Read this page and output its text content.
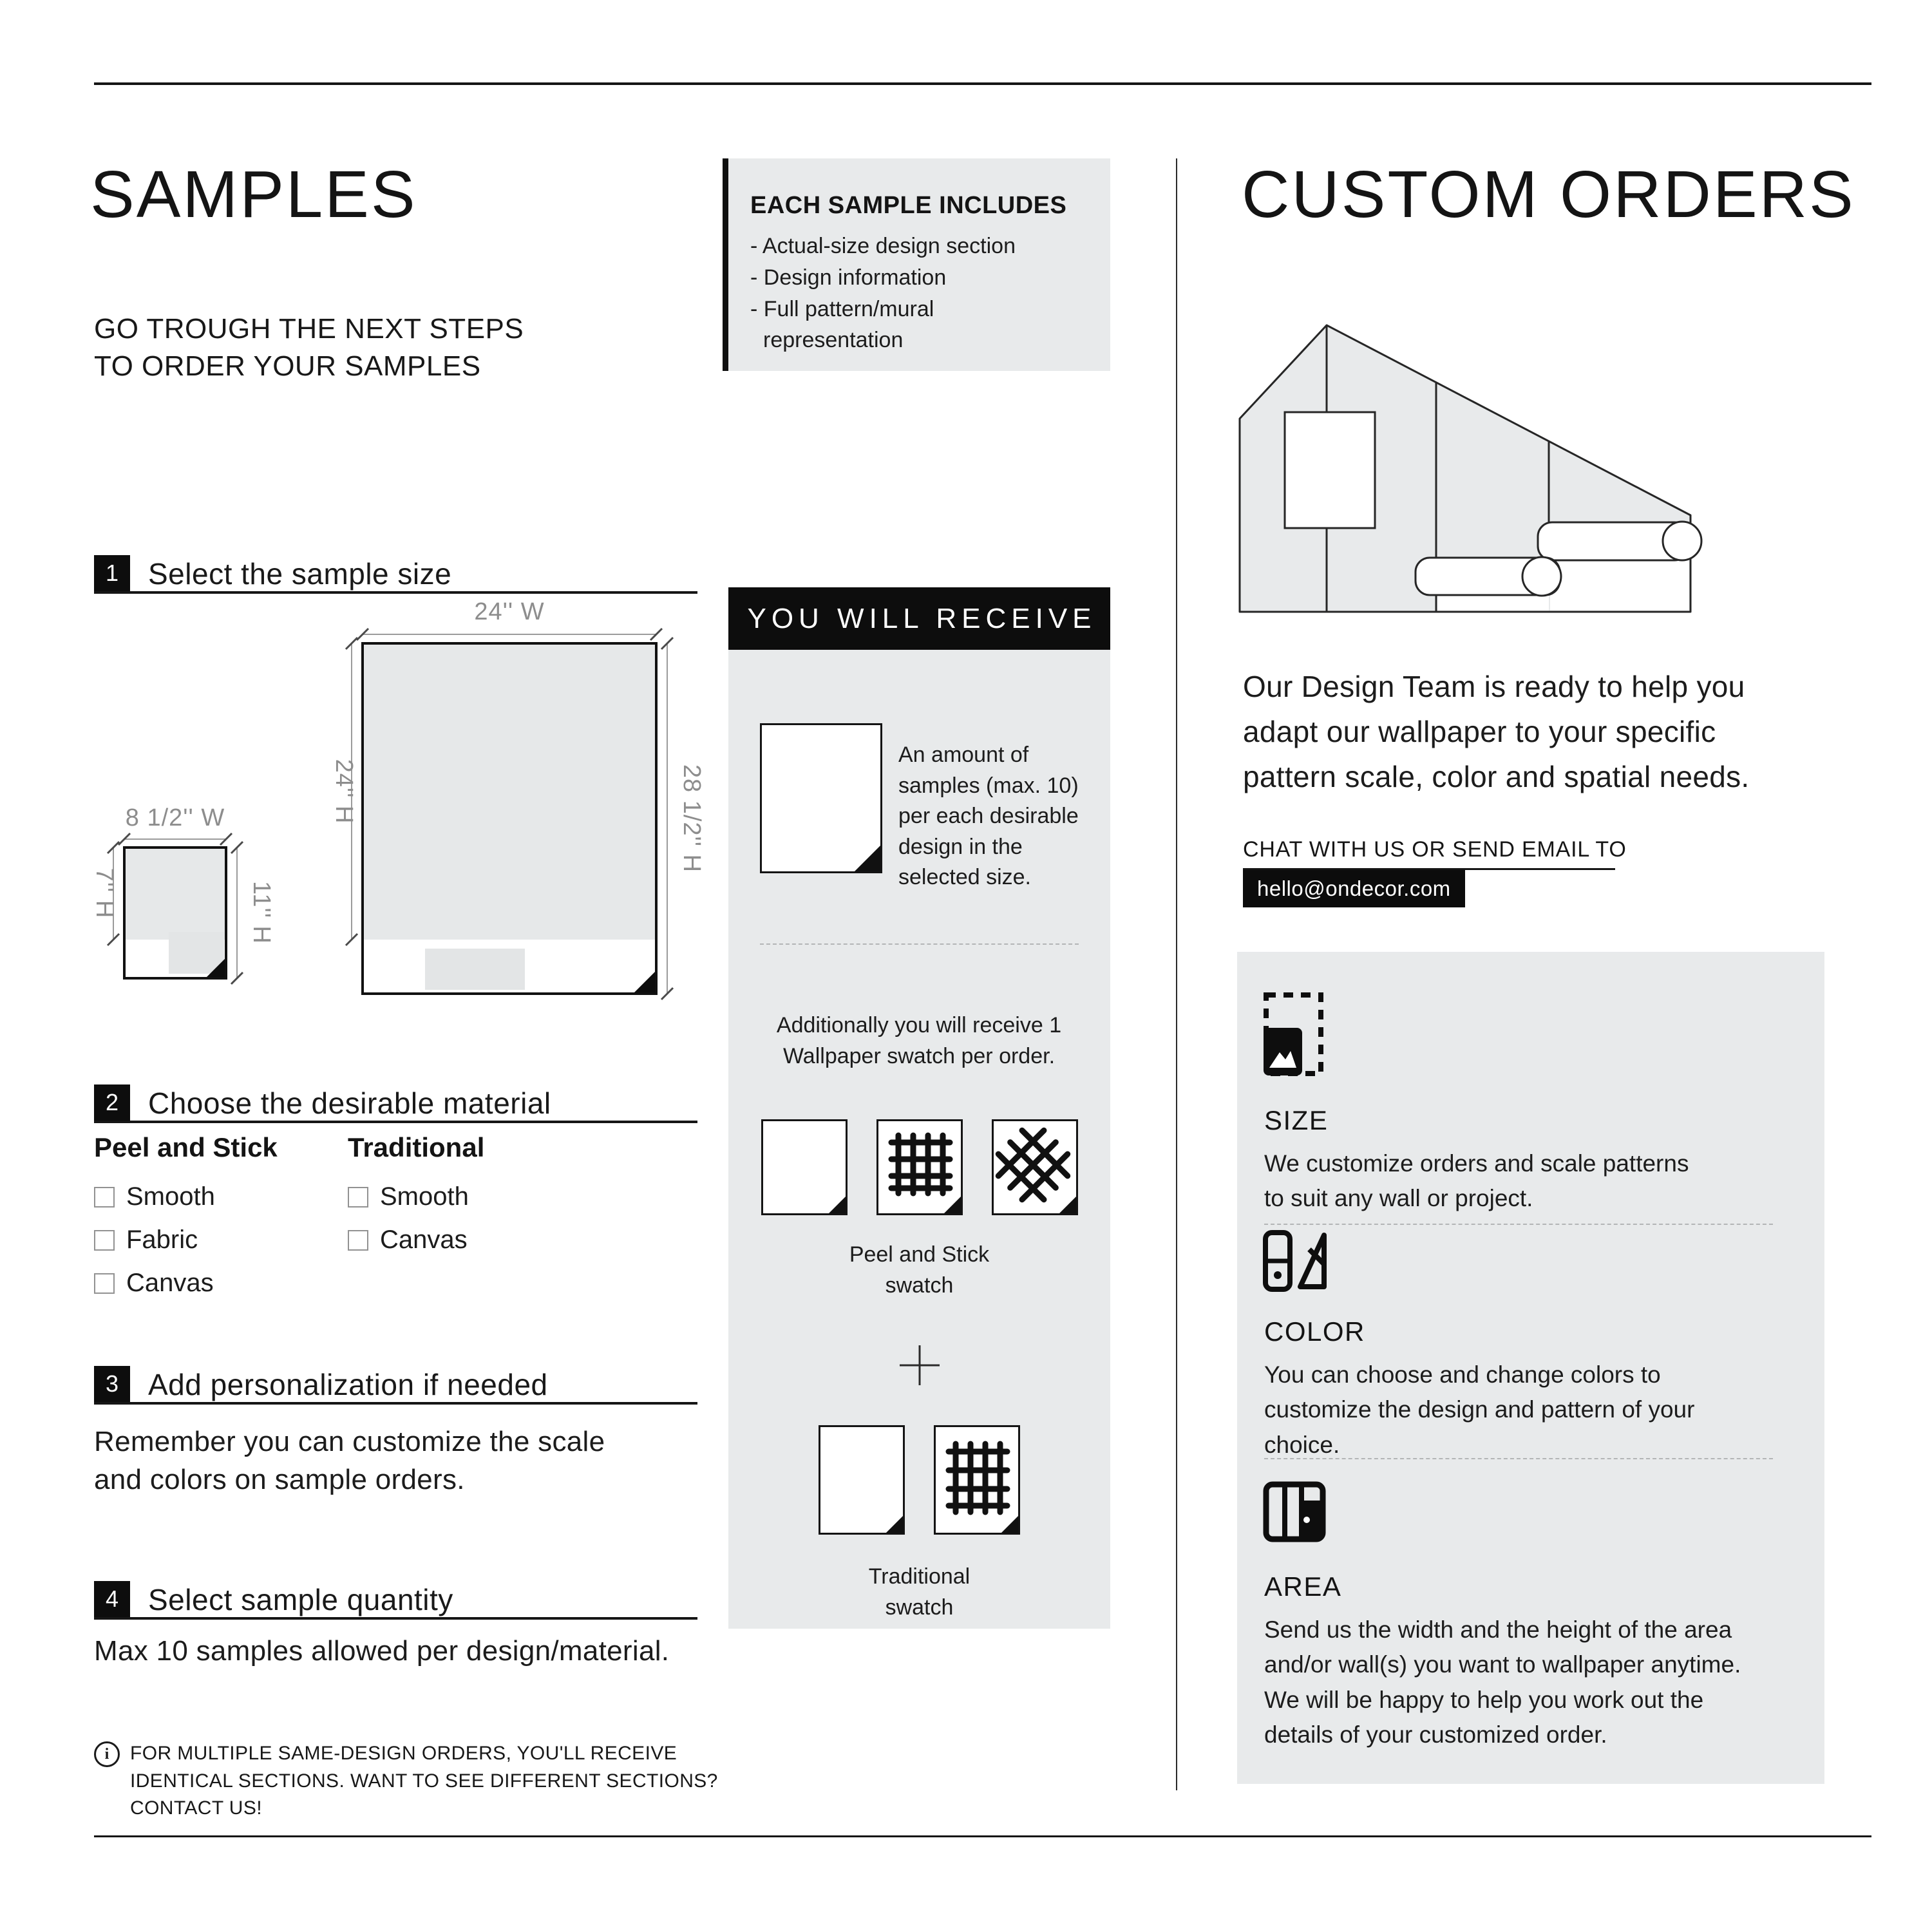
SAMPLES
GO TROUGH THE NEXT STEPS
TO ORDER YOUR SAMPLES
EACH SAMPLE INCLUDES
- Actual-size design section
- Design information
- Full pattern/mural representation
1 Select the sample size
8 1/2'' W
7'' H	11'' H
24'' W
24'' H	28 1/2'' H
2 Choose the desirable material
Peel and Stick
Smooth
Fabric
Canvas
Traditional
Smooth
Canvas
3 Add personalization if needed
Remember you can customize the scale and colors on sample orders.
4 Select sample quantity
Max 10 samples allowed per design/material.
i
FOR MULTIPLE SAME-DESIGN ORDERS, YOU'LL RECEIVE IDENTICAL SECTIONS. WANT TO SEE DIFFERENT SECTIONS? CONTACT US!
YOU WILL RECEIVE
An amount of samples (max. 10) per each desirable design in the selected size.
Additionally you will receive 1 Wallpaper swatch per order.
Peel and Stick
swatch
Traditional
swatch
CUSTOM ORDERS
Our Design Team is ready to help you adapt our wallpaper to your specific pattern scale, color and spatial needs.
CHAT WITH US OR SEND EMAIL TO
hello@ondecor.com
SIZE
We customize orders and scale patterns to suit any wall or project.
COLOR
You can choose and change colors to customize the design and pattern of your choice.
AREA
Send us the width and the height of the area and/or wall(s) you want to wallpaper anytime. We will be happy to help you work out the details of your customized order.
